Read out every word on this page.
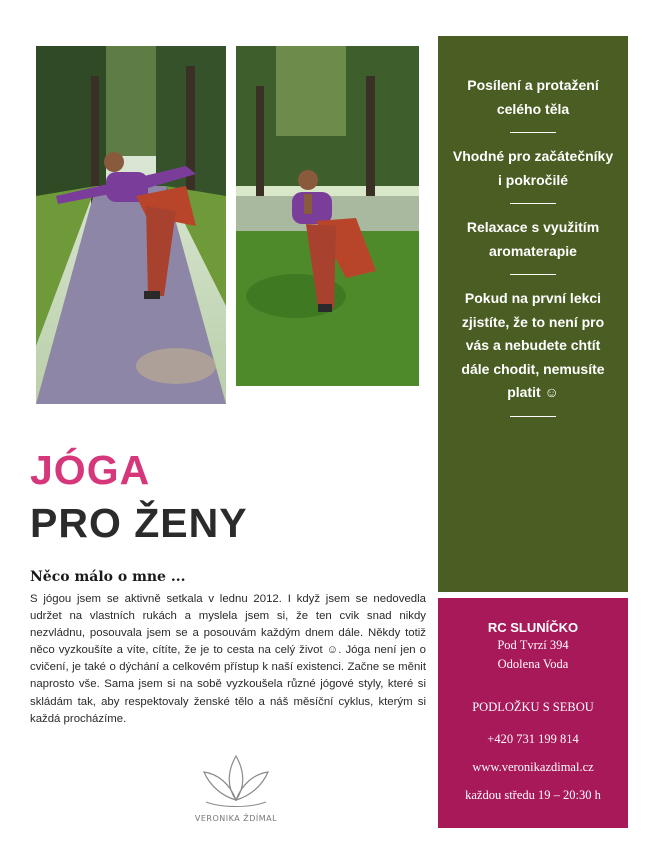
JÓGA
PRO ŽENY
Něco málo o mne ...
S jógou jsem se aktivně setkala v lednu 2012. I když jsem se nedovedla udržet na vlastních rukách a myslela jsem si, že ten cvik snad nikdy nezvládnu, posouvala jsem se a posouvám každým dnem dále. Někdy totiž něco vyzkoušíte a víte, cítíte, že je to cesta na celý život ☺. Jóga není jen o cvičení, je také o dýchání a celkovém přístup k naší existenci. Začne se měnit naprosto vše. Sama jsem si na sobě vyzkoušela různé jógové styly, které si skládám tak, aby respektovaly ženské tělo a náš měsíční cyklus, kterým si každá procházíme.
VERONIKA ŽDÍMAL
Posílení a protažení celého těla
Vhodné pro začátečníky i pokročilé
Relaxace s využitím aromaterapie
Pokud na první lekci zjistíte, že to není pro vás a nebudete chtít dále chodit, nemusíte platit ☺
RC SLUNÍČKO
Pod Tvrzí 394
Odolena Voda
PODLOŽKU S SEBOU
+420 731 199 814
www.veronikazdimal.cz
každou středu 19 – 20:30 h
